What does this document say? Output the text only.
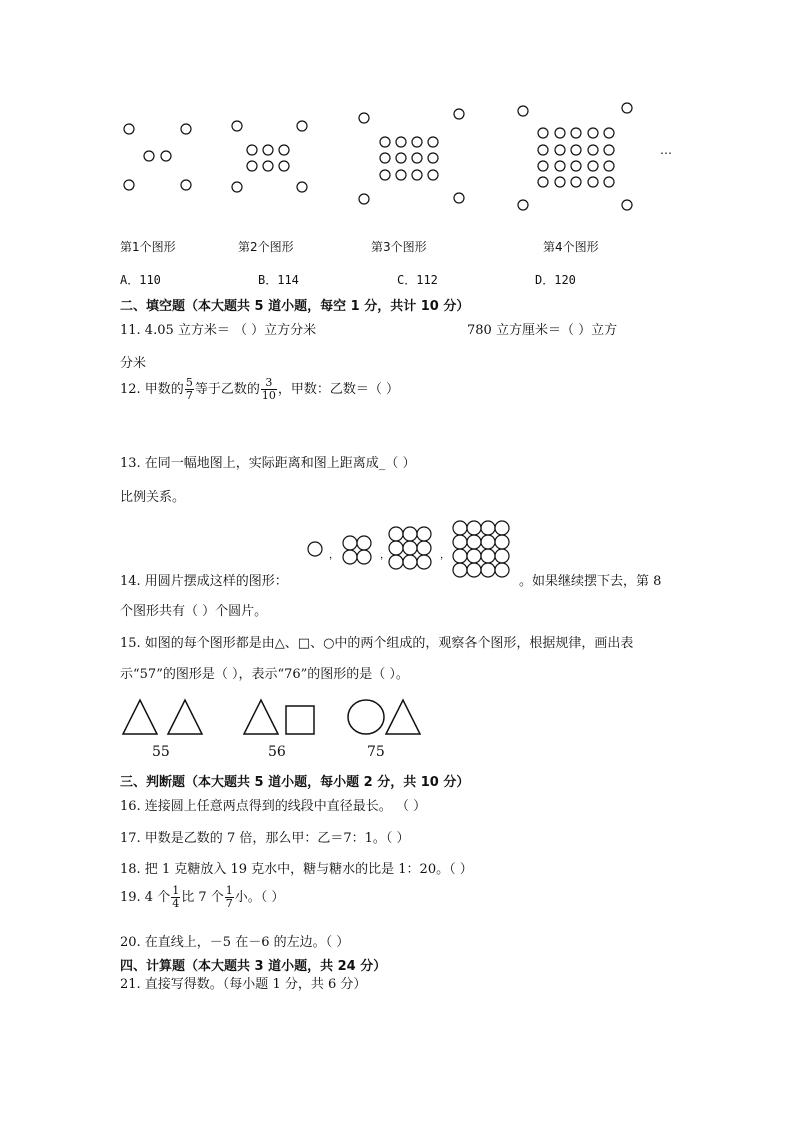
…
第1个图形	第2个图形	第3个图形	第4个图形
A．110	B．114	C．112	D．120
二、填空题（本大题共 5 道小题，每空 1 分，共计 10 分）
11. 4.05 立方米＝ （ ）立方分米	780 立方厘米＝（ ）立方
分米
12. 甲数的 $\frac{5}{7}$ 等于乙数的 $\frac{3}{10}$ ，甲数：乙数＝（ ）
13. 在同一幅地图上，实际距离和图上距离成_（ ）
比例关系。
，	，	，
14. 用圆片摆成这样的图形：	。如果继续摆下去，第 8
个图形共有（ ）个圆片。
15. 如图的每个图形都是由△、□、○中的两个组成的，观察各个图形，根据规律，画出表
示“57”的图形是（ ），表示“76”的图形的是（ ）。
55	56	75
三、判断题（本大题共 5 道小题，每小题 2 分，共 10 分）
16. 连接圆上任意两点得到的线段中直径最长。 （ ）
17. 甲数是乙数的 7 倍，那么甲：乙＝7：1。（ ）
18. 把 1 克糖放入 19 克水中，糖与糖水的比是 1：20。（ ）
19. 4 个 $\frac{1}{4}$ 比 7 个 $\frac{1}{7}$ 小。（ ）
20. 在直线上，－5 在－6 的左边。（ ）
四、计算题（本大题共 3 道小题，共 24 分）
21. 直接写得数。（每小题 1 分，共 6 分）
